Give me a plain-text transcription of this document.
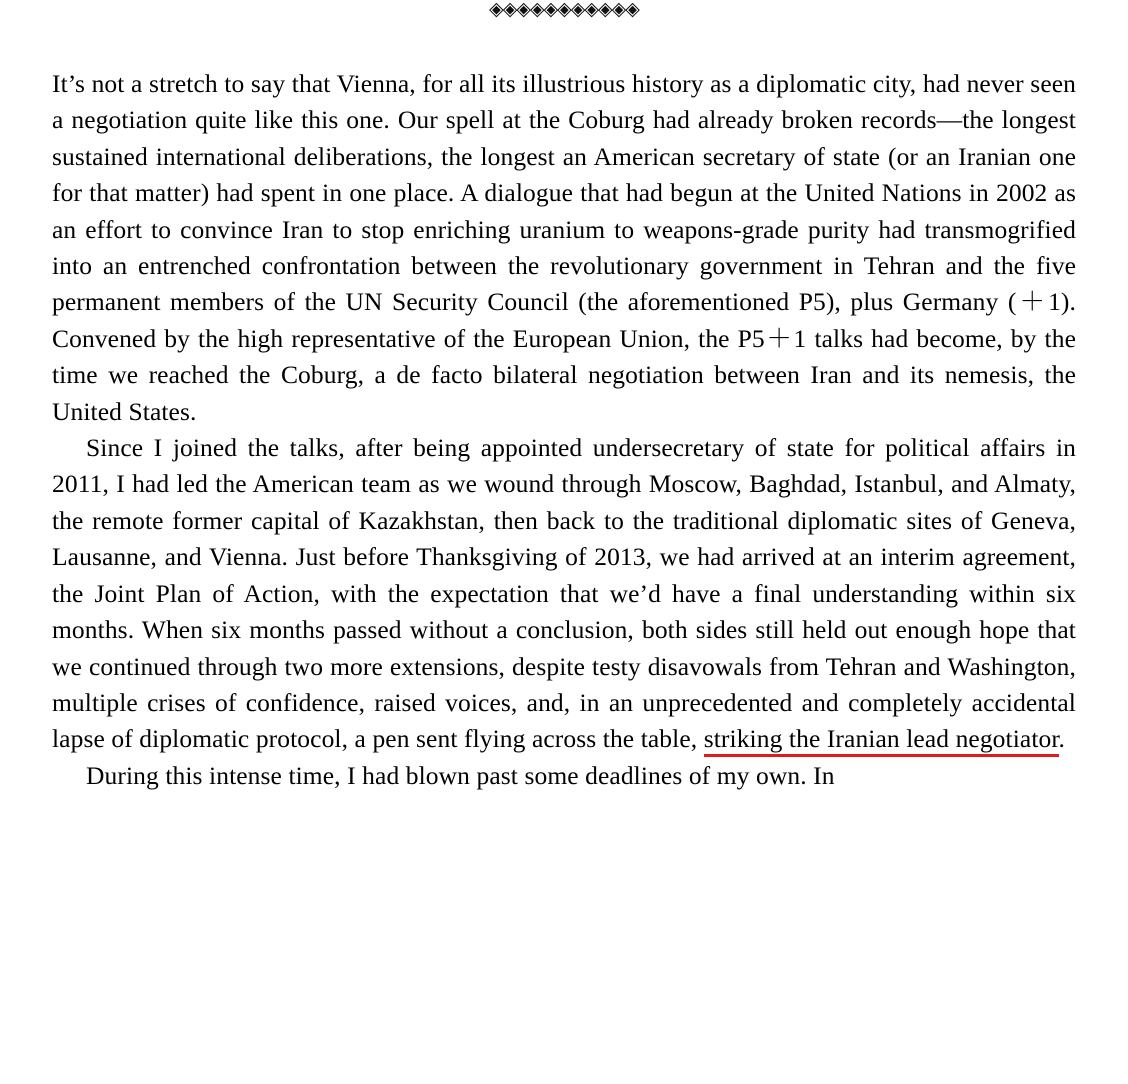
◈◈◈◈◈◈◈◈◈◈◈

It’s not a stretch to say that Vienna, for all its illustrious history as a diplomatic city, had never seen a negotiation quite like this one. Our spell at the Coburg had already broken records—the longest sustained international deliberations, the longest an American secretary of state (or an Iranian one for that matter) had spent in one place. A dialogue that had begun at the United Nations in 2002 as an effort to convince Iran to stop enriching uranium to weapons-grade purity had transmogrified into an entrenched confrontation between the revolutionary government in Tehran and the five permanent members of the UN Security Council (the aforementioned P5), plus Germany (＋1). Convened by the high representative of the European Union, the P5＋1 talks had become, by the time we reached the Coburg, a de facto bilateral negotiation between Iran and its nemesis, the United States.

Since I joined the talks, after being appointed undersecretary of state for political affairs in 2011, I had led the American team as we wound through Moscow, Baghdad, Istanbul, and Almaty, the remote former capital of Kazakhstan, then back to the traditional diplomatic sites of Geneva, Lausanne, and Vienna. Just before Thanksgiving of 2013, we had arrived at an interim agreement, the Joint Plan of Action, with the expectation that we’d have a final understanding within six months. When six months passed without a conclusion, both sides still held out enough hope that we continued through two more extensions, despite testy disavowals from Tehran and Washington, multiple crises of confidence, raised voices, and, in an unprecedented and completely accidental lapse of diplomatic protocol, a pen sent flying across the table, striking the Iranian lead negotiator.

During this intense time, I had blown past some deadlines of my own. In
